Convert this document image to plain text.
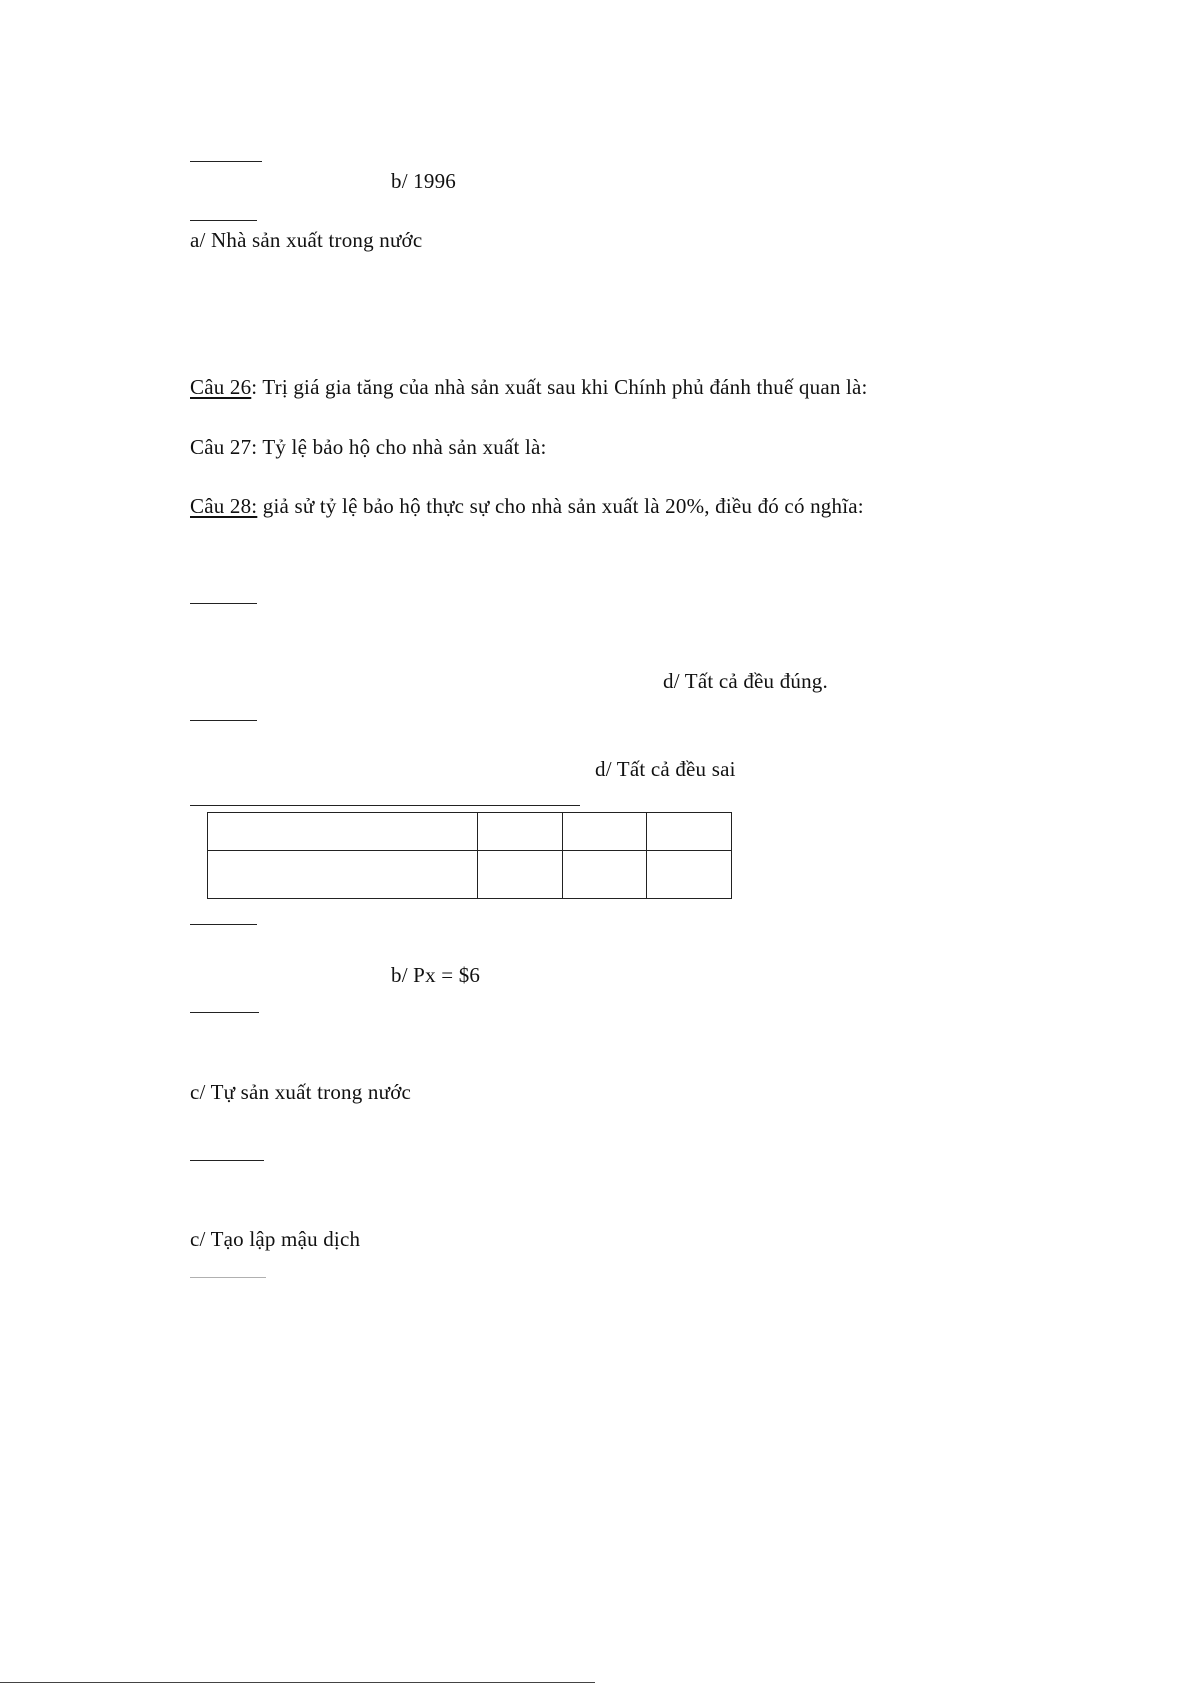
b/ 1996
a/ Nhà sản xuất trong nước
Câu 26: Trị giá gia tăng của nhà sản xuất sau khi Chính phủ đánh thuế quan là:
Câu 27: Tỷ lệ bảo hộ cho nhà sản xuất là:
Câu 28: giả sử tỷ lệ bảo hộ thực sự cho nhà sản xuất là 20%, điều đó có nghĩa:
d/ Tất cả đều đúng.
d/ Tất cả đều sai

b/ Px = $6
c/ Tự sản xuất trong nước
c/ Tạo lập mậu dịch
